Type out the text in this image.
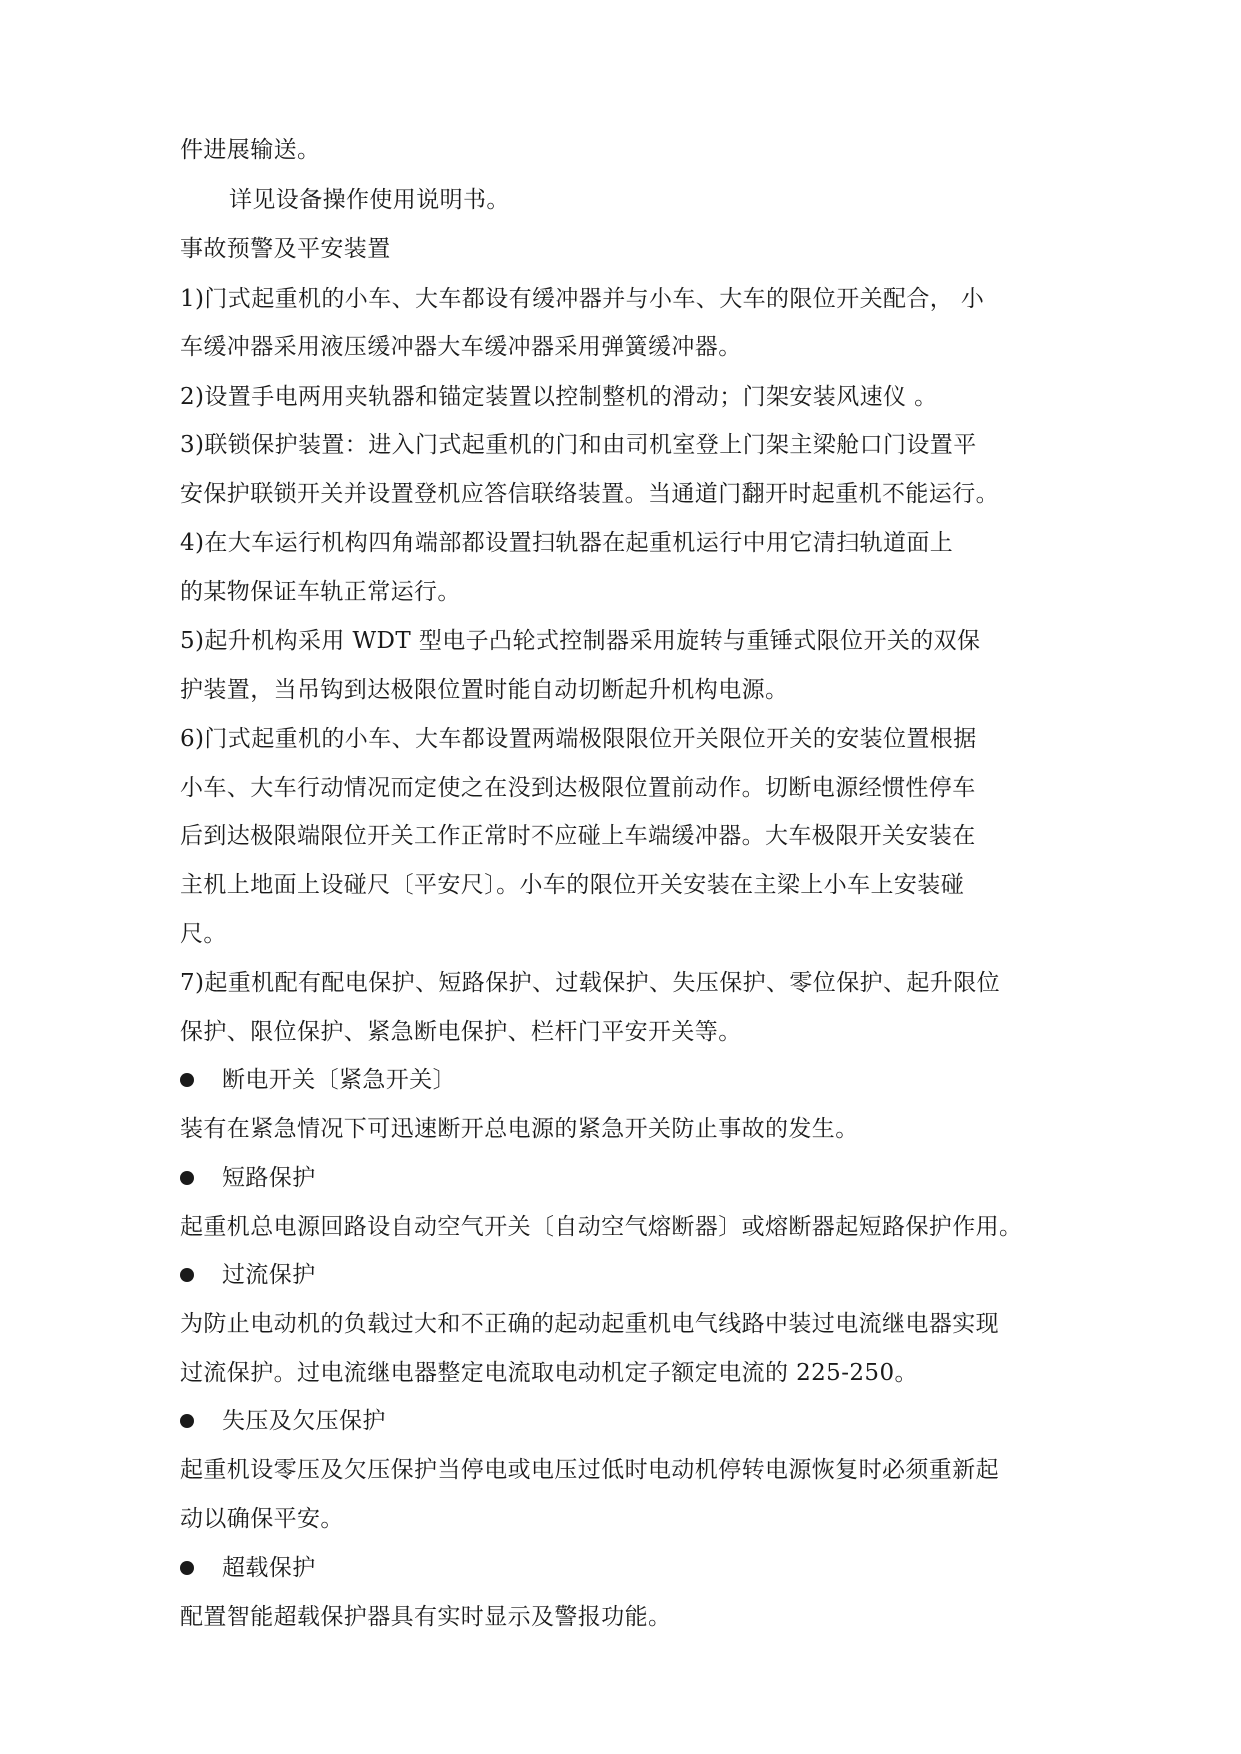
件进展输送。
详见设备操作使用说明书。
事故预警及平安装置
1)门式起重机的小车、大车都设有缓冲器并与小车、大车的限位开关配合， 小
车缓冲器采用液压缓冲器大车缓冲器采用弹簧缓冲器。
2)设置手电两用夹轨器和锚定装置以控制整机的滑动；门架安装风速仪 。
3)联锁保护装置：进入门式起重机的门和由司机室登上门架主梁舱口门设置平
安保护联锁开关并设置登机应答信联络装置。当通道门翻开时起重机不能运行。
4)在大车运行机构四角端部都设置扫轨器在起重机运行中用它清扫轨道面上
的某物保证车轨正常运行。
5)起升机构采用 WDT 型电子凸轮式控制器采用旋转与重锤式限位开关的双保
护装置，当吊钩到达极限位置时能自动切断起升机构电源。
6)门式起重机的小车、大车都设置两端极限限位开关限位开关的安装位置根据
小车、大车行动情况而定使之在没到达极限位置前动作。切断电源经惯性停车
后到达极限端限位开关工作正常时不应碰上车端缓冲器。大车极限开关安装在
主机上地面上设碰尺〔平安尺〕。小车的限位开关安装在主梁上小车上安装碰
尺。
7)起重机配有配电保护、短路保护、过载保护、失压保护、零位保护、起升限位
保护、限位保护、紧急断电保护、栏杆门平安开关等。
断电开关〔紧急开关〕
装有在紧急情况下可迅速断开总电源的紧急开关防止事故的发生。
短路保护
起重机总电源回路设自动空气开关〔自动空气熔断器〕或熔断器起短路保护作用。
过流保护
为防止电动机的负载过大和不正确的起动起重机电气线路中装过电流继电器实现
过流保护。过电流继电器整定电流取电动机定子额定电流的 225-250。
失压及欠压保护
起重机设零压及欠压保护当停电或电压过低时电动机停转电源恢复时必须重新起
动以确保平安。
超载保护
配置智能超载保护器具有实时显示及警报功能。
